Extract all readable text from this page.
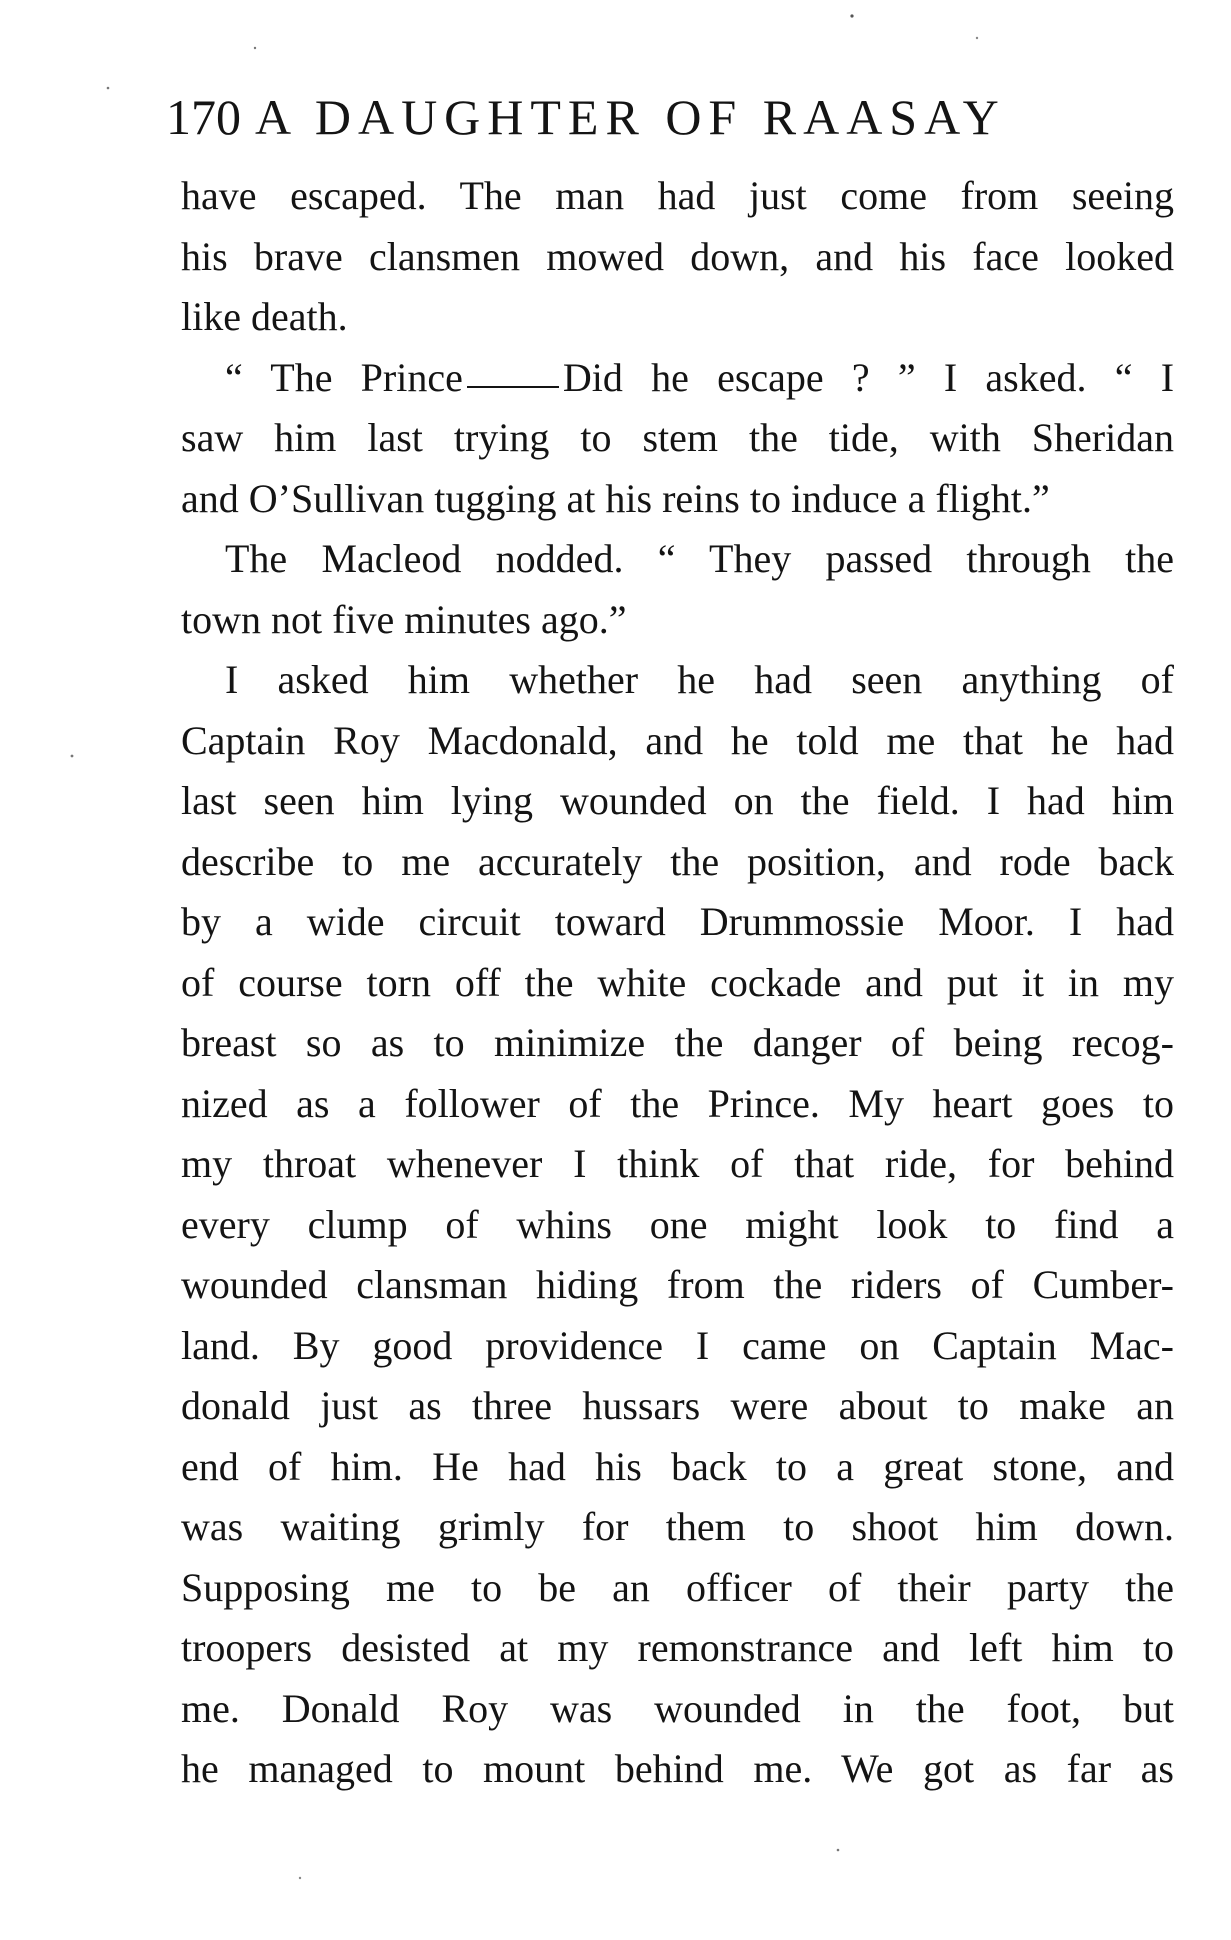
170 A DAUGHTER OF RAASAY
have escaped. The man had just come from seeing
his brave clansmen mowed down, and his face looked
like death.
“ The Prince	Did he escape ? ” I asked. “ I
saw him last trying to stem the tide, with Sheridan
and O’Sullivan tugging at his reins to induce a flight.”
The Macleod nodded. “ They passed through the
town not five minutes ago.”
I asked him whether he had seen anything of
Captain Roy Macdonald, and he told me that he had
last seen him lying wounded on the field. I had him
describe to me accurately the position, and rode back
by a wide circuit toward Drummossie Moor. I had
of course torn off the white cockade and put it in my
breast so as to minimize the danger of being recog-
nized as a follower of the Prince. My heart goes to
my throat whenever I think of that ride, for behind
every clump of whins one might look to find a
wounded clansman hiding from the riders of Cumber-
land. By good providence I came on Captain Mac-
donald just as three hussars were about to make an
end of him. He had his back to a great stone, and
was waiting grimly for them to shoot him down.
Supposing me to be an officer of their party the
troopers desisted at my remonstrance and left him to
me. Donald Roy was wounded in the foot, but
he managed to mount behind me. We got as far as
